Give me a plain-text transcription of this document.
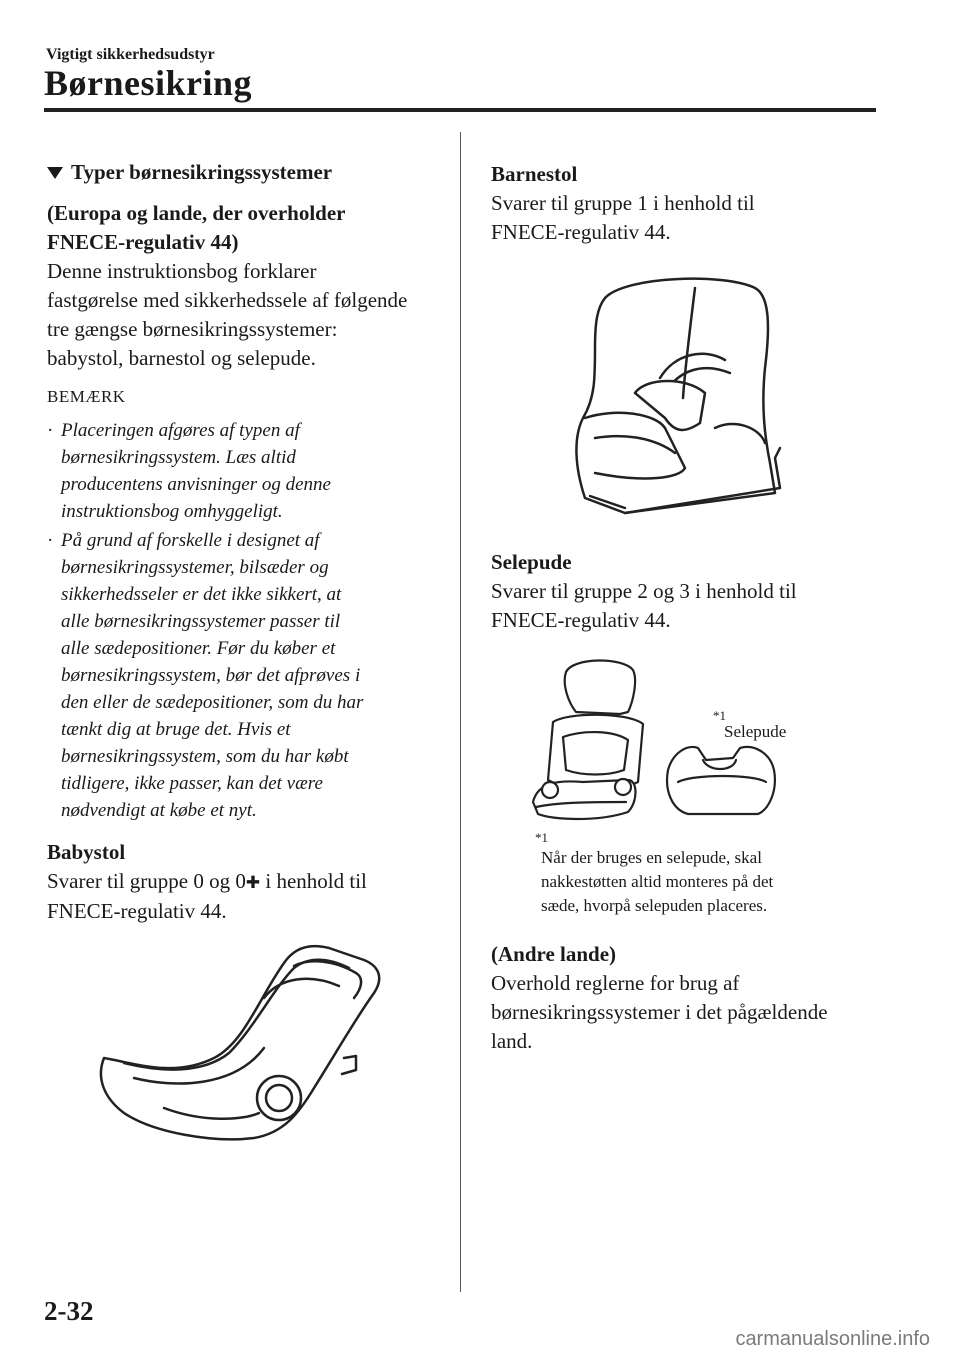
Vigtigt sikkerhedsudstyr
Børnesikring
Typer børnesikringssystemer
(Europa og lande, der overholder
FNECE-regulativ 44)
Denne instruktionsbog forklarer
fastgørelse med sikkerhedssele af følgende
tre gængse børnesikringssystemer:
babystol, barnestol og selepude.
BEMÆRK
· Placeringen afgøres af typen af
børnesikringssystem. Læs altid
producentens anvisninger og denne
instruktionsbog omhyggeligt.
· På grund af forskelle i designet af
børnesikringssystemer, bilsæder og
sikkerhedsseler er det ikke sikkert, at
alle børnesikringssystemer passer til
alle sædepositioner. Før du køber et
børnesikringssystem, bør det afprøves i
den eller de sædepositioner, som du har
tænkt dig at bruge det. Hvis et
børnesikringssystem, som du har købt
tidligere, ikke passer, kan det være
nødvendigt at købe et nyt.
Babystol
Svarer til gruppe 0 og 0✚ i henhold til
FNECE-regulativ 44.
Barnestol
Svarer til gruppe 1 i henhold til
FNECE-regulativ 44.
Selepude
Svarer til gruppe 2 og 3 i henhold til
FNECE-regulativ 44.
*1
Selepude
*1
Når der bruges en selepude, skal
nakkestøtten altid monteres på det
sæde, hvorpå selepuden placeres.
(Andre lande)
Overhold reglerne for brug af
børnesikringssystemer i det pågældende
land.
2-32
carmanualsonline.info
